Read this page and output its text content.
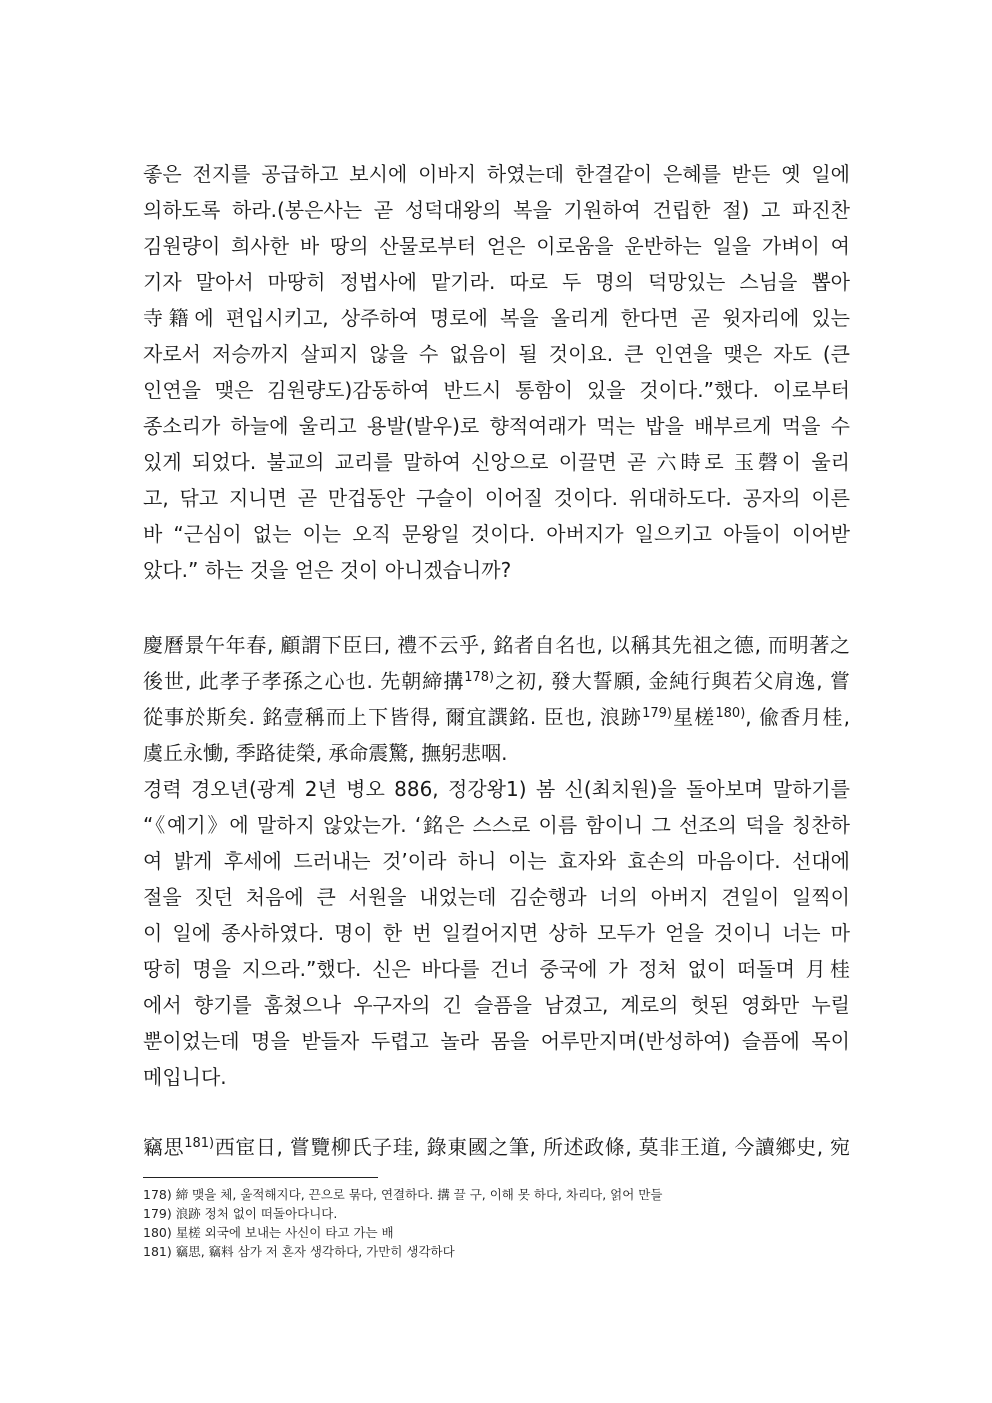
좋은 전지를 공급하고 보시에 이바지 하였는데 한결같이 은혜를 받든 옛 일에
의하도록 하라.(봉은사는 곧 성덕대왕의 복을 기원하여 건립한 절) 고 파진찬
김원량이 희사한 바 땅의 산물로부터 얻은 이로움을 운반하는 일을 가벼이 여
기자 말아서 마땅히 정법사에 맡기라. 따로 두 명의 덕망있는 스님을 뽑아
寺籍에 편입시키고, 상주하여 명로에 복을 올리게 한다면 곧 윗자리에 있는
자로서 저승까지 살피지 않을 수 없음이 될 것이요. 큰 인연을 맺은 자도 (큰
인연을 맺은 김원량도)감동하여 반드시 통함이 있을 것이다.”했다. 이로부터
종소리가 하늘에 울리고 용발(발우)로 향적여래가 먹는 밥을 배부르게 먹을 수
있게 되었다. 불교의 교리를 말하여 신앙으로 이끌면 곧 六時로 玉磬이 울리
고, 닦고 지니면 곧 만겁동안 구슬이 이어질 것이다. 위대하도다. 공자의 이른
바 “근심이 없는 이는 오직 문왕일 것이다. 아버지가 일으키고 아들이 이어받
았다.” 하는 것을 얻은 것이 아니겠습니까?
慶曆景午年春, 顧謂下臣曰, 禮不云乎, 銘者自名也, 以稱其先祖之德, 而明著之
後世, 此孝子孝孫之心也. 先朝締搆$^{178)}$之初, 發大誓願, 金純行與若父肩逸, 嘗
從事於斯矣. 銘壹稱而上下皆得, 爾宜譔銘. 臣也, 浪跡$^{179)}$星槎$^{180)}$, 偸香月桂,
虞丘永慟, 季路徒榮, 承命震驚, 撫躬悲咽.
경력 경오년(광계 2년 병오 886, 정강왕1) 봄 신(최치원)을 돌아보며 말하기를
“《예기》에 말하지 않았는가. ‘銘은 스스로 이름 함이니 그 선조의 덕을 칭찬하
여 밝게 후세에 드러내는 것’이라 하니 이는 효자와 효손의 마음이다. 선대에
절을 짓던 처음에 큰 서원을 내었는데 김순행과 너의 아버지 견일이 일찍이
이 일에 종사하였다. 명이 한 번 일컬어지면 상하 모두가 얻을 것이니 너는 마
땅히 명을 지으라.”했다. 신은 바다를 건너 중국에 가 정처 없이 떠돌며 月桂
에서 향기를 훔쳤으나 우구자의 긴 슬픔을 남겼고, 계로의 헛된 영화만 누릴
뿐이었는데 명을 받들자 두렵고 놀라 몸을 어루만지며(반성하여) 슬픔에 목이
메입니다.
竊思$^{181)}$西宦日, 嘗覽柳氏子珪, 錄東國之筆, 所述政條, 莫非王道, 今讀鄉史, 宛
178) 締 맺을 체, 울적해지다, 끈으로 묶다, 연결하다. 搆 끌 구, 이해 못 하다, 차리다, 얽어 만들
179) 浪跡 정처 없이 떠돌아다니다.
180) 星槎 외국에 보내는 사신이 타고 가는 배
181) 竊思, 竊料 삼가 저 혼자 생각하다, 가만히 생각하다
